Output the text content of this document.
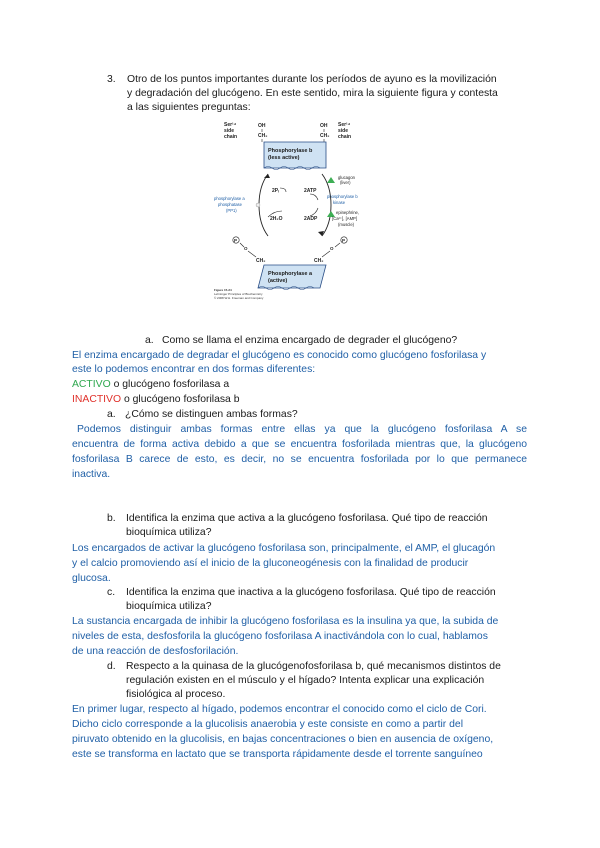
3. Otro de los puntos importantes durante los períodos de ayuno es la movilización
y degradación del glucógeno. En este sentido, mira la siguiente figura y contesta
a las siguientes preguntas:
Ser¹⁴
side
chain
OH
CH₂
OH
CH₂
Ser¹⁴
side
chain
Phosphorylase b
(less active)
2Pᵢ	2ATP
2H₂O	2ADP
phosphorylase a
phosphatase
(PP1)
glucagon
(liver)
phosphorylase b
kinase
epinephrine,
[Ca²⁺], [AMP]
(muscle)
P	P
O	O
CH₂	CH₂
Phosphorylase a
(active)
Figure 15-24
Lehninger Principles of Biochemistry
© 2008 W.H. Freeman and Company
a. Como se llama el enzima encargado de degrader el glucógeno?
El enzima encargado de degradar el glucógeno es conocido como glucógeno fosforilasa y
este lo podemos encontrar en dos formas diferentes:
ACTIVO o glucógeno fosforilasa a
INACTIVO o glucógeno fosforilasa b
a. ¿Cómo se distinguen ambas formas?
Podemos distinguir ambas formas entre ellas ya que la glucógeno fosforilasa A se
encuentra de forma activa debido a que se encuentra fosforilada mientras que, la glucógeno
fosforilasa B carece de esto, es decir, no se encuentra fosforilada por lo que permanece
inactiva.
b. Identifica la enzima que activa a la glucógeno fosforilasa. Qué tipo de reacción
bioquímica utiliza?
Los encargados de activar la glucógeno fosforilasa son, principalmente, el AMP, el glucagón
y el calcio promoviendo así el inicio de la gluconeogénesis con la finalidad de producir
glucosa.
c. Identifica la enzima que inactiva a la glucógeno fosforilasa. Qué tipo de reacción
bioquímica utiliza?
La sustancia encargada de inhibir la glucógeno fosforilasa es la insulina ya que, la subida de
niveles de esta, desfosforila la glucógeno fosforilasa A inactivándola con lo cual, hablamos
de una reacción de desfosforilación.
d. Respecto a la quinasa de la glucógenofosforilasa b, qué mecanismos distintos de
regulación existen en el músculo y el hígado? Intenta explicar una explicación
fisiológica al proceso.
En primer lugar, respecto al hígado, podemos encontrar el conocido como el ciclo de Cori.
Dicho ciclo corresponde a la glucolisis anaerobia y este consiste en como a partir del
piruvato obtenido en la glucolisis, en bajas concentraciones o bien en ausencia de oxígeno,
este se transforma en lactato que se transporta rápidamente desde el torrente sanguíneo
